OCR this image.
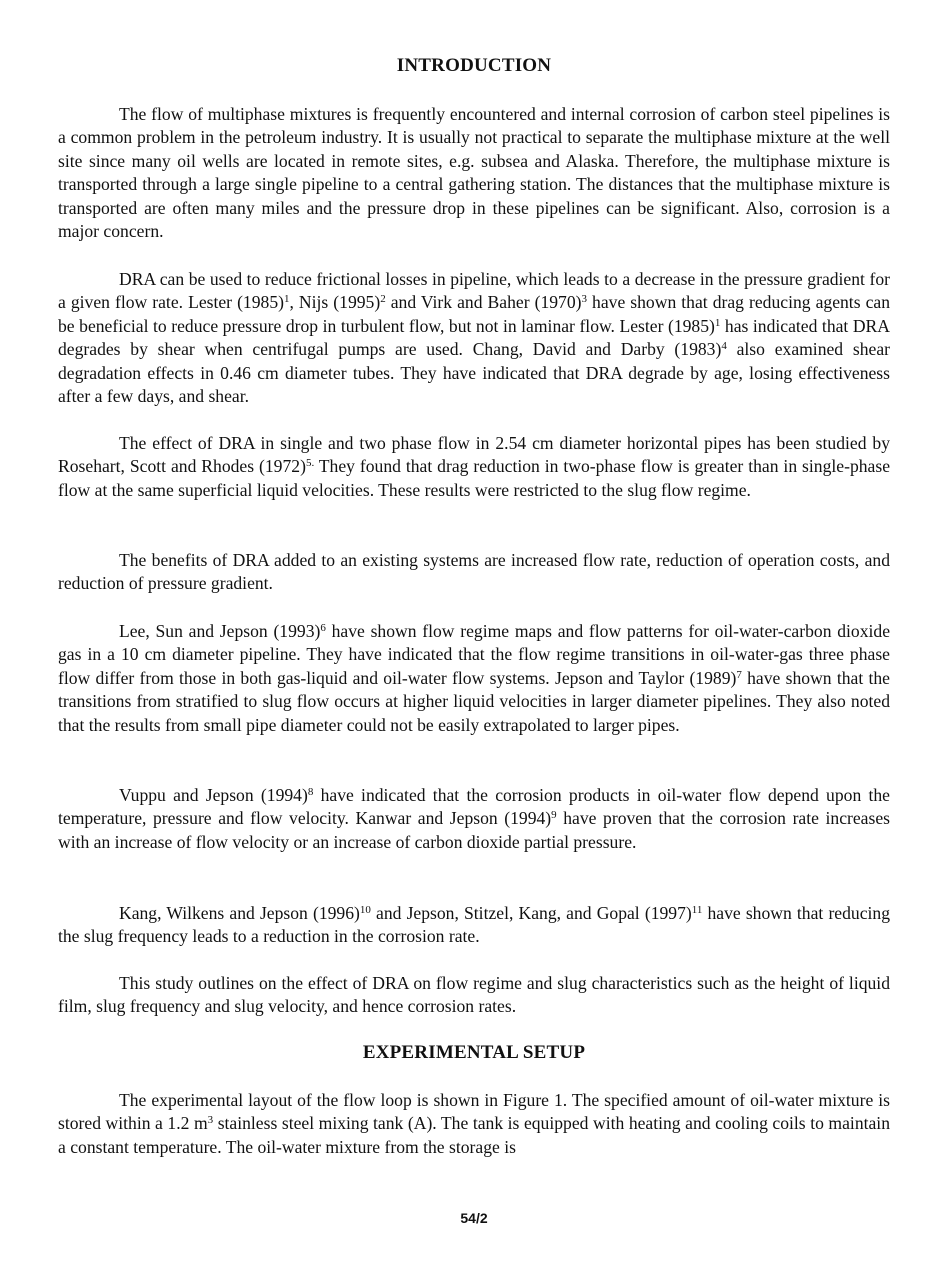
INTRODUCTION

The flow of multiphase mixtures is frequently encountered and internal corrosion of carbon steel pipelines is a common problem in the petroleum industry. It is usually not practical to separate the multiphase mixture at the well site since many oil wells are located in remote sites, e.g. subsea and Alaska. Therefore, the multiphase mixture is transported through a large single pipeline to a central gathering station. The distances that the multiphase mixture is transported are often many miles and the pressure drop in these pipelines can be significant. Also, corrosion is a major concern.

DRA can be used to reduce frictional losses in pipeline, which leads to a decrease in the pressure gradient for a given flow rate. Lester $(1985)^1$, Nijs $(1995)^2$ and Virk and Baher $(1970)^3$ have shown that drag reducing agents can be beneficial to reduce pressure drop in turbulent flow, but not in laminar flow. Lester $(1985)^1$ has indicated that DRA degrades by shear when centrifugal pumps are used. Chang, David and Darby $(1983)^4$ also examined shear degradation effects in 0.46 cm diameter tubes. They have indicated that DRA degrade by age, losing effectiveness after a few days, and shear.

The effect of DRA in single and two phase flow in 2.54 cm diameter horizontal pipes has been studied by Rosehart, Scott and Rhodes $(1972)^{5.}$ They found that drag reduction in two-phase flow is greater than in single-phase flow at the same superficial liquid velocities. These results were restricted to the slug flow regime.

The benefits of DRA added to an existing systems are increased flow rate, reduction of operation costs, and reduction of pressure gradient.

Lee, Sun and Jepson $(1993)^6$ have shown flow regime maps and flow patterns for oil-water-carbon dioxide gas in a 10 cm diameter pipeline. They have indicated that the flow regime transitions in oil-water-gas three phase flow differ from those in both gas-liquid and oil-water flow systems. Jepson and Taylor $(1989)^7$ have shown that the transitions from stratified to slug flow occurs at higher liquid velocities in larger diameter pipelines. They also noted that the results from small pipe diameter could not be easily extrapolated to larger pipes.

Vuppu and Jepson $(1994)^8$ have indicated that the corrosion products in oil-water flow depend upon the temperature, pressure and flow velocity. Kanwar and Jepson $(1994)^9$ have proven that the corrosion rate increases with an increase of flow velocity or an increase of carbon dioxide partial pressure.

Kang, Wilkens and Jepson $(1996)^{10}$ and Jepson, Stitzel, Kang, and Gopal $(1997)^{11}$ have shown that reducing the slug frequency leads to a reduction in the corrosion rate.

This study outlines on the effect of DRA on flow regime and slug characteristics such as the height of liquid film, slug frequency and slug velocity, and hence corrosion rates.

EXPERIMENTAL SETUP

The experimental layout of the flow loop is shown in Figure 1. The specified amount of oil-water mixture is stored within a 1.2 $m^3$ stainless steel mixing tank (A). The tank is equipped with heating and cooling coils to maintain a constant temperature. The oil-water mixture from the storage is

54/2
